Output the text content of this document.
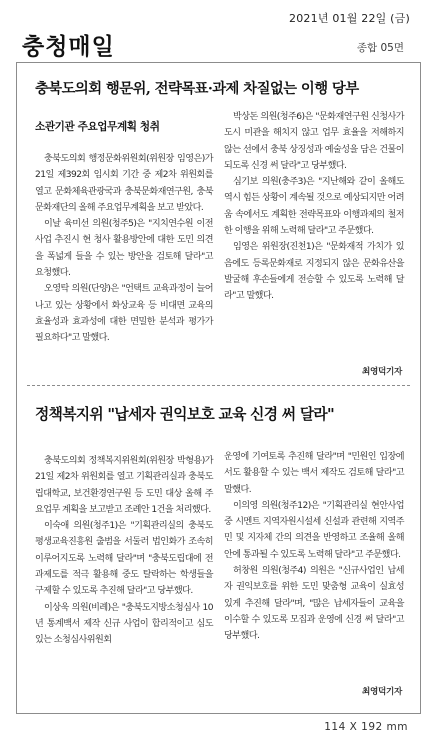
2021년 01월 22일 (금)
충청매일	종합 05면
충북도의회 행문위, 전략목표·과제 차질없는 이행 당부
소관기관 주요업무계획 청취

충북도의회 행정문화위원회(위원장 임영은)가 21일 제392회 임시회 기간 중 제2차 위원회를 열고 문화체육관광국과 충북문화재연구원, 충북문화재단의 올해 주요업무계획을 보고 받았다.

이날 육미선 의원(청주5)은 "지치연수원 이전사업 추진시 현 청사 활용방안에 대한 도민 의견을 폭넓게 들을 수 있는 방안을 검토해 달라"고 요청했다.

오영탁 의원(단양)은 "언택트 교육과정이 늘어나고 있는 상황에서 화상교육 등 비대면 교육의 효율성과 효과성에 대한 면밀한 분석과 평가가 필요하다"고 말했다.

박상돈 의원(청주6)은 "문화재연구원 신청사가 도시 미관을 해치지 않고 업무 효율을 저해하지 않는 선에서 충북 상징성과 예술성을 담은 건물이 되도록 신경 써 달라"고 당부했다.

심기보 의원(충주3)은 "지난해와 같이 올해도 역시 힘든 상황이 계속될 것으로 예상되지만 어려움 속에서도 계획한 전략목표와 이행과제의 철저한 이행을 위해 노력해 달라"고 주문했다.

임영은 위원장(진천1)은 "문화재적 가치가 있음에도 등록문화재로 지정되지 않은 문화유산을 발굴해 후손들에게 전승할 수 있도록 노력해 달라"고 말했다.

최영덕기자
정책복지위 "납세자 권익보호 교육 신경 써 달라"

충북도의회 정책복지위원회(위원장 박형용)가 21일 제2차 위원회를 열고 기획관리실과 충북도립대학교, 보건환경연구원 등 도민 대상 올해 주요업무 계획을 보고받고 조례안 1건을 처리했다.

이숙애 의원(청주1)은 "기획관리실의 충북도평생교육진흥원 출범을 서둘러 법인화가 조속히 이루어지도록 노력해 달라"며 "충북도립대에 전과제도를 적극 활용해 중도 탈락하는 학생들을 구제할 수 있도록 추진해 달라"고 당부했다.

이상욱 의원(비례)은 "충북도지방소청심사 10년 통계백서 제작 신규 사업이 합리적이고 심도 있는 소청심사위원회

운영에 기여토록 추진해 달라"며 "민원인 입장에서도 활용할 수 있는 백서 제작도 검토해 달라"고 말했다.

이의영 의원(청주12)은 "기획관리실 현안사업 중 시멘트 지역자원시설세 신설과 관련해 지역주민 및 지자체 간의 의견을 반영하고 조율해 올해 안에 통과될 수 있도록 노력해 달라"고 주문했다.

허창원 의원(청주4) 의원은 "신규사업인 납세자 권익보호를 위한 도민 맞춤형 교육이 실효성 있게 추진해 달라"며, "많은 납세자들이 교육을 이수할 수 있도록 모집과 운영에 신경 써 달라"고 당부했다.

최영덕기자
114 X 192 mm
